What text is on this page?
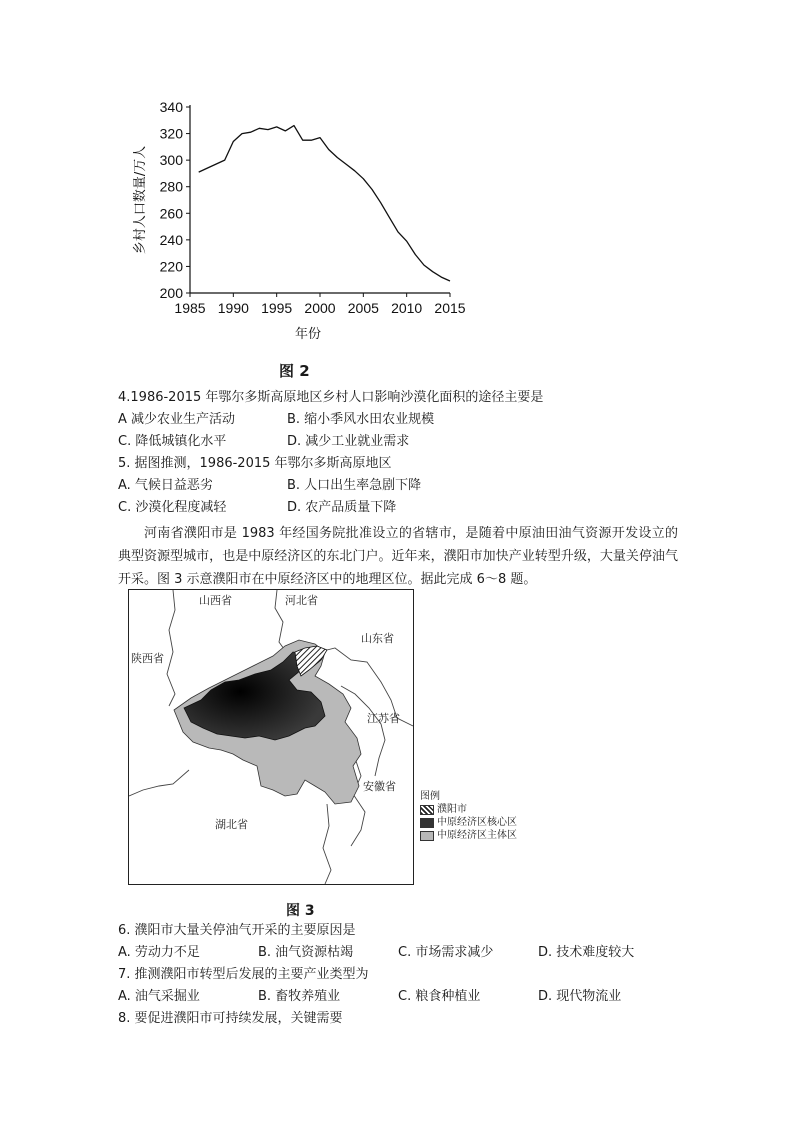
340
320
300
280
260
240
220
200
1985 1990 1995 2000 2005 2010 2015
乡村人口数量/万人
年份
图 2
4.1986-2015 年鄂尔多斯高原地区乡村人口影响沙漠化面积的途径主要是
A 减少农业生产活动	B. 缩小季风水田农业规模
C. 降低城镇化水平	D. 减少工业就业需求
5. 据图推测，1986-2015 年鄂尔多斯高原地区
A. 气候日益恶劣	B. 人口出生率急剧下降
C. 沙漠化程度减轻	D. 农产品质量下降

河南省濮阳市是 1983 年经国务院批准设立的省辖市，是随着中原油田油气资源开发设立的典型资源型城市，也是中原经济区的东北门户。近年来，濮阳市加快产业转型升级，大量关停油气开采。图 3 示意濮阳市在中原经济区中的地理区位。据此完成 6～8 题。

山西省	河北省
山东省
陕西省
江苏省
安徽省
湖北省
图例
濮阳市
中原经济区核心区
中原经济区主体区
图 3
6. 濮阳市大量关停油气开采的主要原因是
A. 劳动力不足	B. 油气资源枯竭	C. 市场需求减少	D. 技术难度较大
7. 推测濮阳市转型后发展的主要产业类型为
A. 油气采掘业	B. 畜牧养殖业	C. 粮食种植业	D. 现代物流业
8. 要促进濮阳市可持续发展，关键需要
